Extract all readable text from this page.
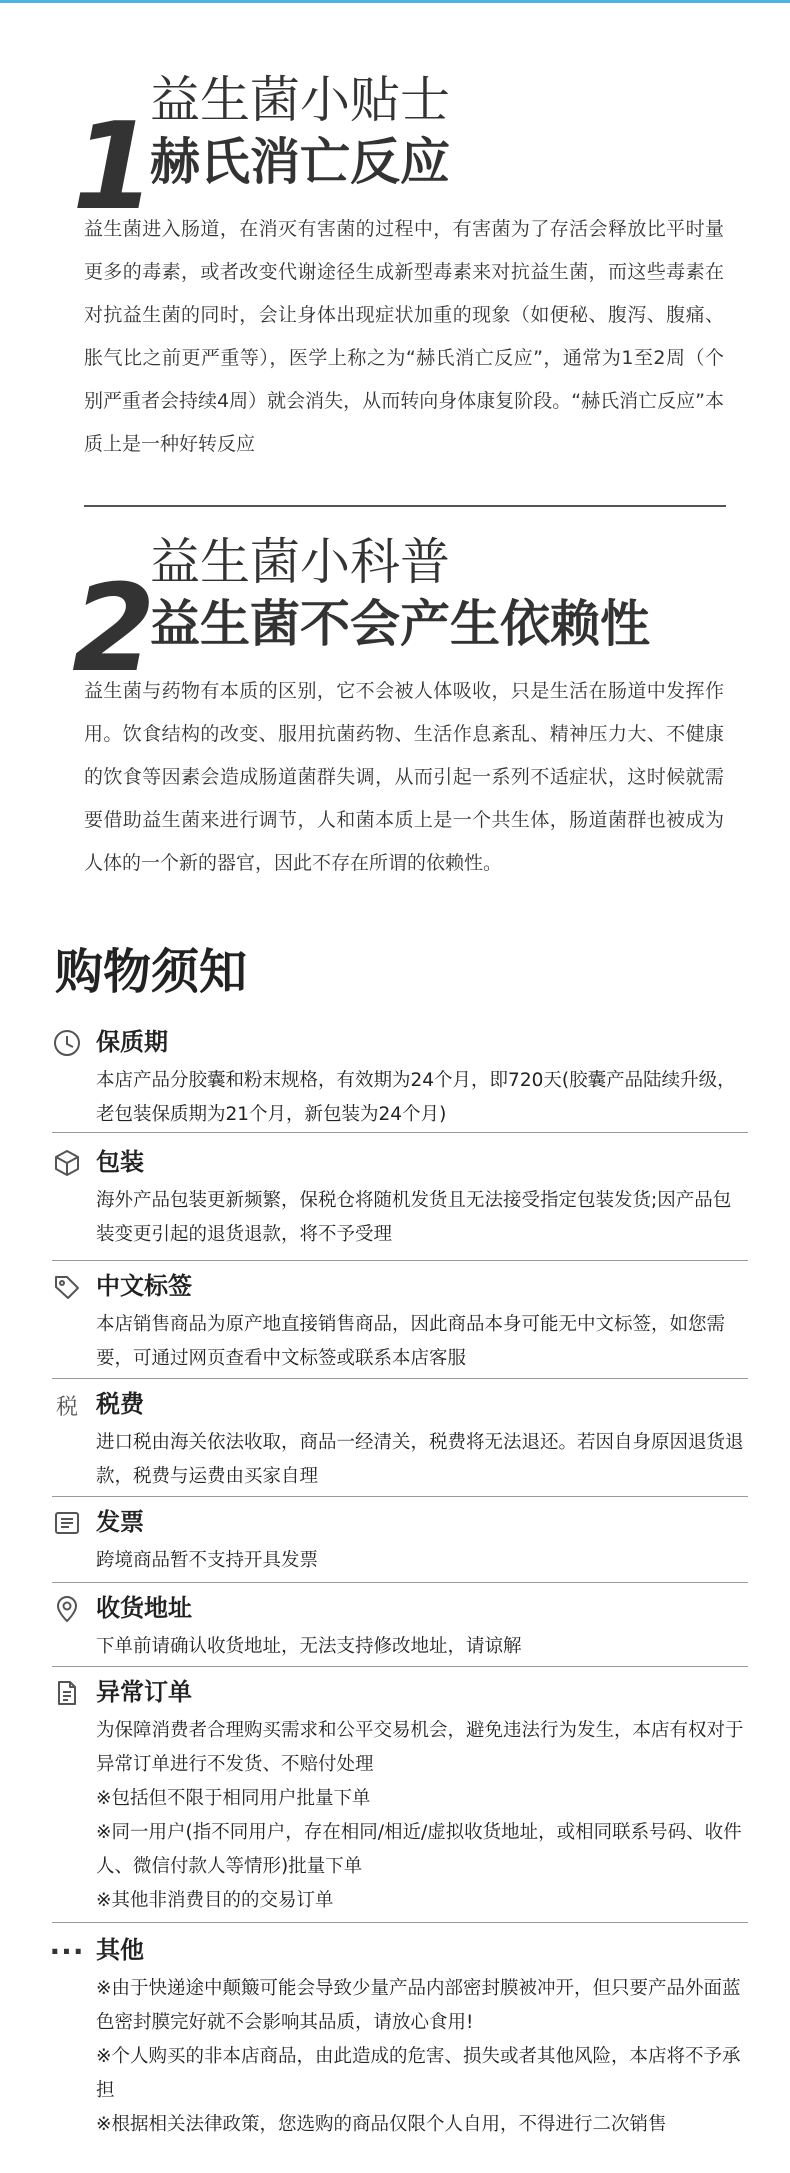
1
益生菌小贴士
赫氏消亡反应
益生菌进入肠道，在消灭有害菌的过程中，有害菌为了存活会释放比平时量更多的毒素，或者改变代谢途径生成新型毒素来对抗益生菌，而这些毒素在对抗益生菌的同时，会让身体出现症状加重的现象（如便秘、腹泻、腹痛、胀气比之前更严重等），医学上称之为“赫氏消亡反应”，通常为1至2周（个别严重者会持续4周）就会消失，从而转向身体康复阶段。“赫氏消亡反应”本质上是一种好转反应
2
益生菌小科普
益生菌不会产生依赖性
益生菌与药物有本质的区别，它不会被人体吸收，只是生活在肠道中发挥作用。饮食结构的改变、服用抗菌药物、生活作息紊乱、精神压力大、不健康的饮食等因素会造成肠道菌群失调，从而引起一系列不适症状，这时候就需要借助益生菌来进行调节，人和菌本质上是一个共生体，肠道菌群也被成为人体的一个新的器官，因此不存在所谓的依赖性。
购物须知
保质期

本店产品分胶囊和粉末规格，有效期为24个月，即720天(胶囊产品陆续升级，老包装保质期为21个月，新包装为24个月)

包装

海外产品包装更新频繁，保税仓将随机发货且无法接受指定包装发货;因产品包装变更引起的退货退款，将不予受理

中文标签

本店销售商品为原产地直接销售商品，因此商品本身可能无中文标签，如您需要，可通过网页查看中文标签或联系本店客服

税 税费

进口税由海关依法收取，商品一经清关，税费将无法退还。若因自身原因退货退款，税费与运费由买家自理

发票

跨境商品暂不支持开具发票

收货地址

下单前请确认收货地址，无法支持修改地址，请谅解

异常订单

为保障消费者合理购买需求和公平交易机会，避免违法行为发生，本店有权对于异常订单进行不发货、不赔付处理

※包括但不限于相同用户批量下单

※同一用户(指不同用户，存在相同/相近/虚拟收货地址，或相同联系号码、收件人、微信付款人等情形)批量下单

※其他非消费目的的交易订单

··· 其他

※由于快递途中颠簸可能会导致少量产品内部密封膜被冲开，但只要产品外面蓝色密封膜完好就不会影响其品质，请放心食用!

※个人购买的非本店商品，由此造成的危害、损失或者其他风险，本店将不予承担

※根据相关法律政策，您选购的商品仅限个人自用，不得进行二次销售
